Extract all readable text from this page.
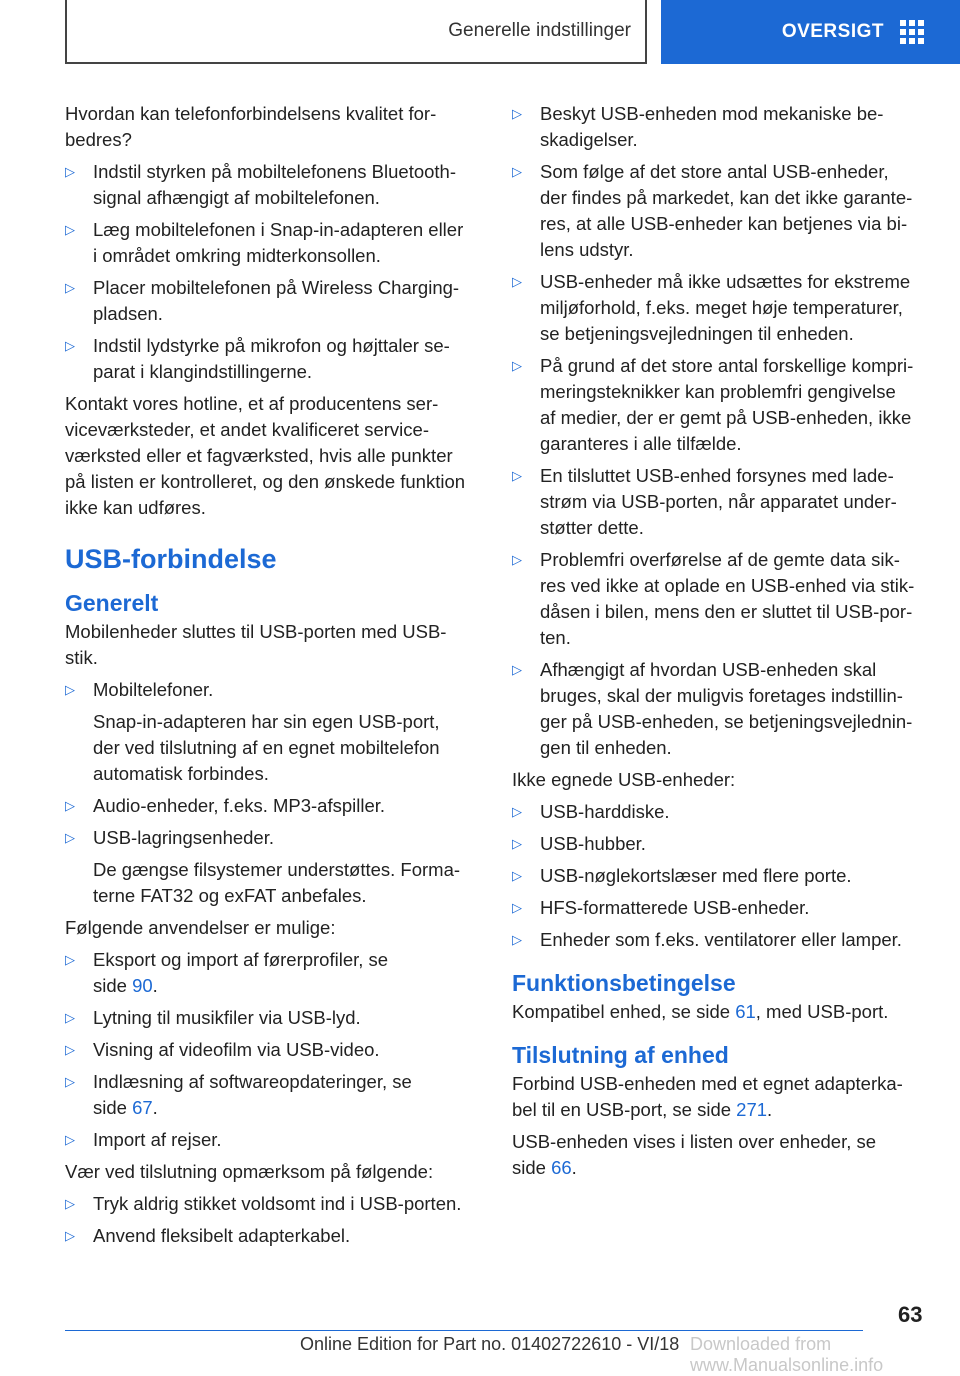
Generelle indstillinger	OVERSIGT

Hvordan kan telefonforbindelsens kvalitet for-
bedres?

▷ Indstil styrken på mobiltelefonens Bluetooth-
signal afhængigt af mobiltelefonen.
▷ Læg mobiltelefonen i Snap-in-adapteren eller
i området omkring midterkonsollen.
▷ Placer mobiltelefonen på Wireless Charging-
pladsen.
▷ Indstil lydstyrke på mikrofon og højttaler se-
parat i klangindstillingerne.

Kontakt vores hotline, et af producentens ser-
viceværksteder, et andet kvalificeret service-
værksted eller et fagværksted, hvis alle punkter
på listen er kontrolleret, og den ønskede funktion
ikke kan udføres.

USB-forbindelse
Generelt

Mobilenheder sluttes til USB-porten med USB-
stik.

▷ Mobiltelefoner.

Snap-in-adapteren har sin egen USB-port,
der ved tilslutning af en egnet mobiltelefon
automatisk forbindes.

▷ Audio-enheder, f.eks. MP3-afspiller.
▷ USB-lagringsenheder.

De gængse filsystemer understøttes. Forma-
terne FAT32 og exFAT anbefales.

Følgende anvendelser er mulige:

▷ Eksport og import af førerprofiler, se
side 90.
▷ Lytning til musikfiler via USB-lyd.
▷ Visning af videofilm via USB-video.
▷ Indlæsning af softwareopdateringer, se
side 67.
▷ Import af rejser.

Vær ved tilslutning opmærksom på følgende:

▷ Tryk aldrig stikket voldsomt ind i USB-porten.
▷ Anvend fleksibelt adapterkabel.
▷ Beskyt USB-enheden mod mekaniske be-
skadigelser.
▷ Som følge af det store antal USB-enheder,
der findes på markedet, kan det ikke garante-
res, at alle USB-enheder kan betjenes via bi-
lens udstyr.
▷ USB-enheder må ikke udsættes for ekstreme
miljøforhold, f.eks. meget høje temperaturer,
se betjeningsvejledningen til enheden.
▷ På grund af det store antal forskellige kompri-
meringsteknikker kan problemfri gengivelse
af medier, der er gemt på USB-enheden, ikke
garanteres i alle tilfælde.
▷ En tilsluttet USB-enhed forsynes med lade-
strøm via USB-porten, når apparatet under-
støtter dette.
▷ Problemfri overførelse af de gemte data sik-
res ved ikke at oplade en USB-enhed via stik-
dåsen i bilen, mens den er sluttet til USB-por-
ten.
▷ Afhængigt af hvordan USB-enheden skal
bruges, skal der muligvis foretages indstillin-
ger på USB-enheden, se betjeningsvejlednin-
gen til enheden.

Ikke egnede USB-enheder:

▷ USB-harddiske.
▷ USB-hubber.
▷ USB-nøglekortslæser med flere porte.
▷ HFS-formatterede USB-enheder.
▷ Enheder som f.eks. ventilatorer eller lamper.
Funktionsbetingelse

Kompatibel enhed, se side 61, med USB-port.

Tilslutning af enhed

Forbind USB-enheden med et egnet adapterka-
bel til en USB-port, se side 271.

USB-enheden vises i listen over enheder, se
side 66.

63
Online Edition for Part no. 01402722610 - VI/18 Downloaded from www.Manualsonline.info
